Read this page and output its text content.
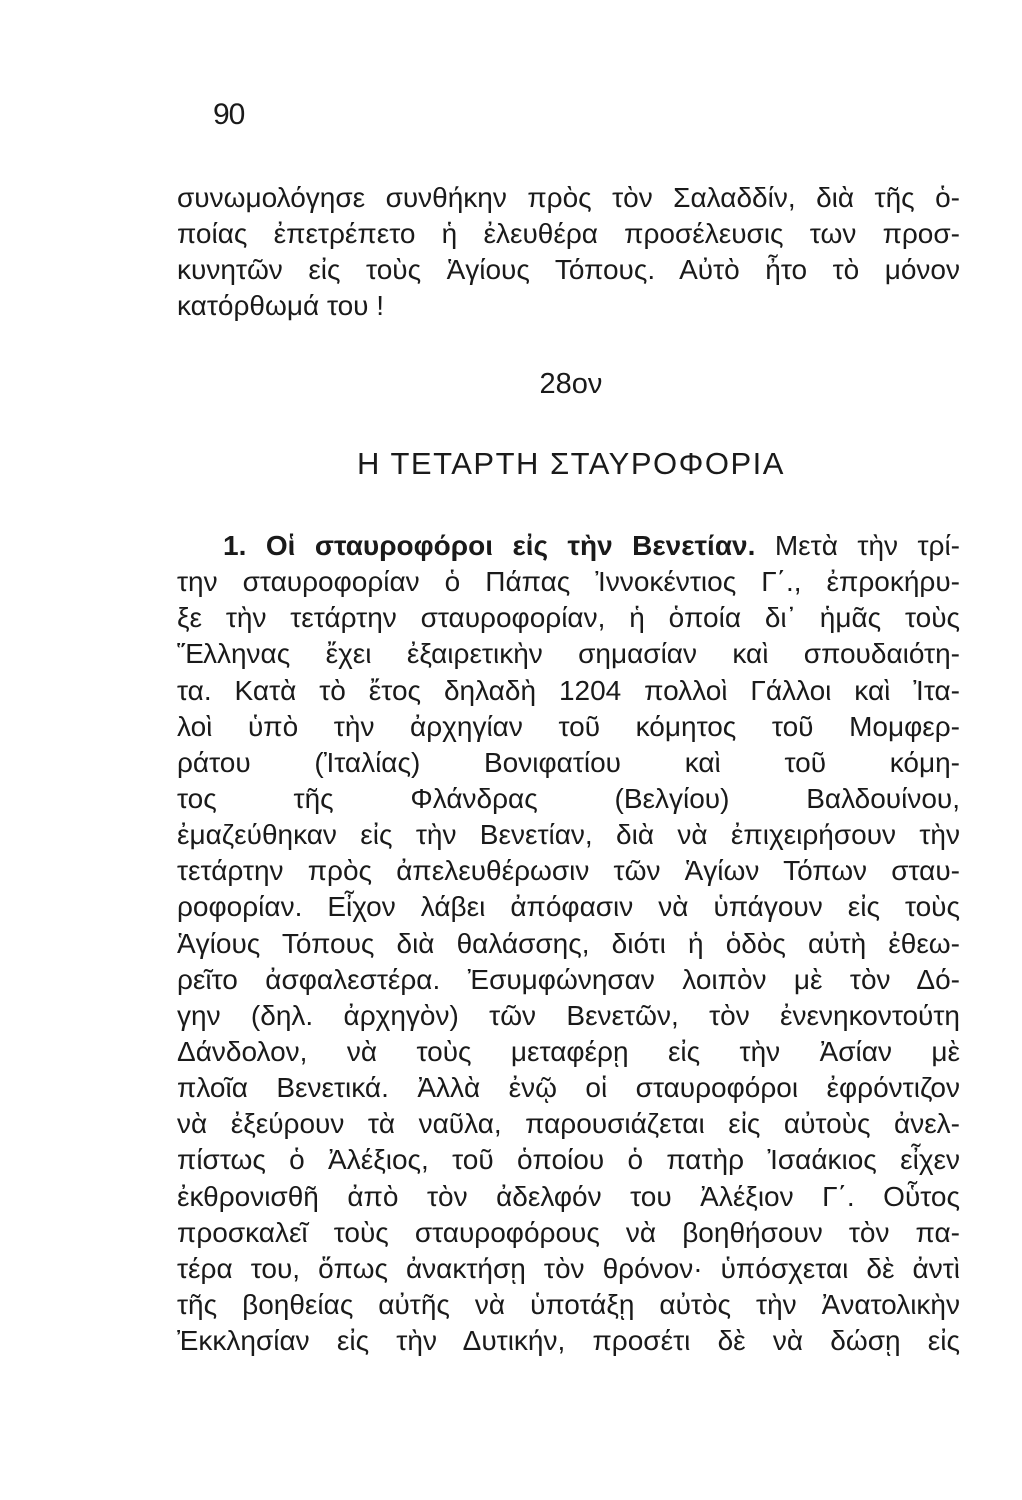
90
συνωμολόγησε συνθήκην πρὸς τὸν Σαλαδδίν, διὰ τῆς ὁ-
ποίας ἐπετρέπετο ἡ ἐλευθέρα προσέλευσις των προσ-
κυνητῶν εἰς τοὺς Ἁγίους Τόπους. Αὐτὸ ἦτο τὸ μόνον
κατόρθωμά του !
28ον
Η ΤΕΤΑΡΤΗ ΣΤΑΥΡΟΦΟΡΙΑ
1. Οἱ σταυροφόροι εἰς τὴν Βενετίαν. Μετὰ τὴν τρί-
την σταυροφορίαν ὁ Πάπας Ἰννοκέντιος Γ΄., ἐπροκήρυ-
ξε τὴν τετάρτην σταυροφορίαν, ἡ ὁποία δι᾽ ἡμᾶς τοὺς
Ἕλληνας ἔχει ἐξαιρετικὴν σημασίαν καὶ σπουδαιότη-
τα. Κατὰ τὸ ἔτος δηλαδὴ 1204 πολλοὶ Γάλλοι καὶ Ἰτα-
λοὶ ὑπὸ τὴν ἀρχηγίαν τοῦ κόμητος τοῦ Μομφερ-
ράτου (Ἰταλίας) Βονιφατίου καὶ τοῦ κόμη-
τος τῆς Φλάνδρας (Βελγίου) Βαλδουίνου,
ἐμαζεύθηκαν εἰς τὴν Βενετίαν, διὰ νὰ ἐπιχειρήσουν τὴν
τετάρτην πρὸς ἀπελευθέρωσιν τῶν Ἁγίων Τόπων σταυ-
ροφορίαν. Εἶχον λάβει ἀπόφασιν νὰ ὑπάγουν εἰς τοὺς
Ἁγίους Τόπους διὰ θαλάσσης, διότι ἡ ὁδὸς αὐτὴ ἐθεω-
ρεῖτο ἀσφαλεστέρα. Ἐσυμφώνησαν λοιπὸν μὲ τὸν Δό-
γην (δηλ. ἀρχηγὸν) τῶν Βενετῶν, τὸν ἐνενηκοντούτη
Δάνδολον, νὰ τοὺς μεταφέρῃ εἰς τὴν Ἀσίαν μὲ
πλοῖα Βενετικά. Ἀλλὰ ἐνῷ οἱ σταυροφόροι ἐφρόντιζον
νὰ ἐξεύρουν τὰ ναῦλα, παρουσιάζεται εἰς αὐτοὺς ἀνελ-
πίστως ὁ Ἀλέξιος, τοῦ ὁποίου ὁ πατὴρ Ἰσαάκιος εἶχεν
ἐκθρονισθῆ ἀπὸ τὸν ἀδελφόν του Ἀλέξιον Γ΄. Οὗτος
προσκαλεῖ τοὺς σταυροφόρους νὰ βοηθήσουν τὸν πα-
τέρα του, ὅπως ἀνακτήσῃ τὸν θρόνον· ὑπόσχεται δὲ ἀντὶ
τῆς βοηθείας αὐτῆς νὰ ὑποτάξῃ αὐτὸς τὴν Ἀνατολικὴν
Ἐκκλησίαν εἰς τὴν Δυτικήν, προσέτι δὲ νὰ δώσῃ εἰς
